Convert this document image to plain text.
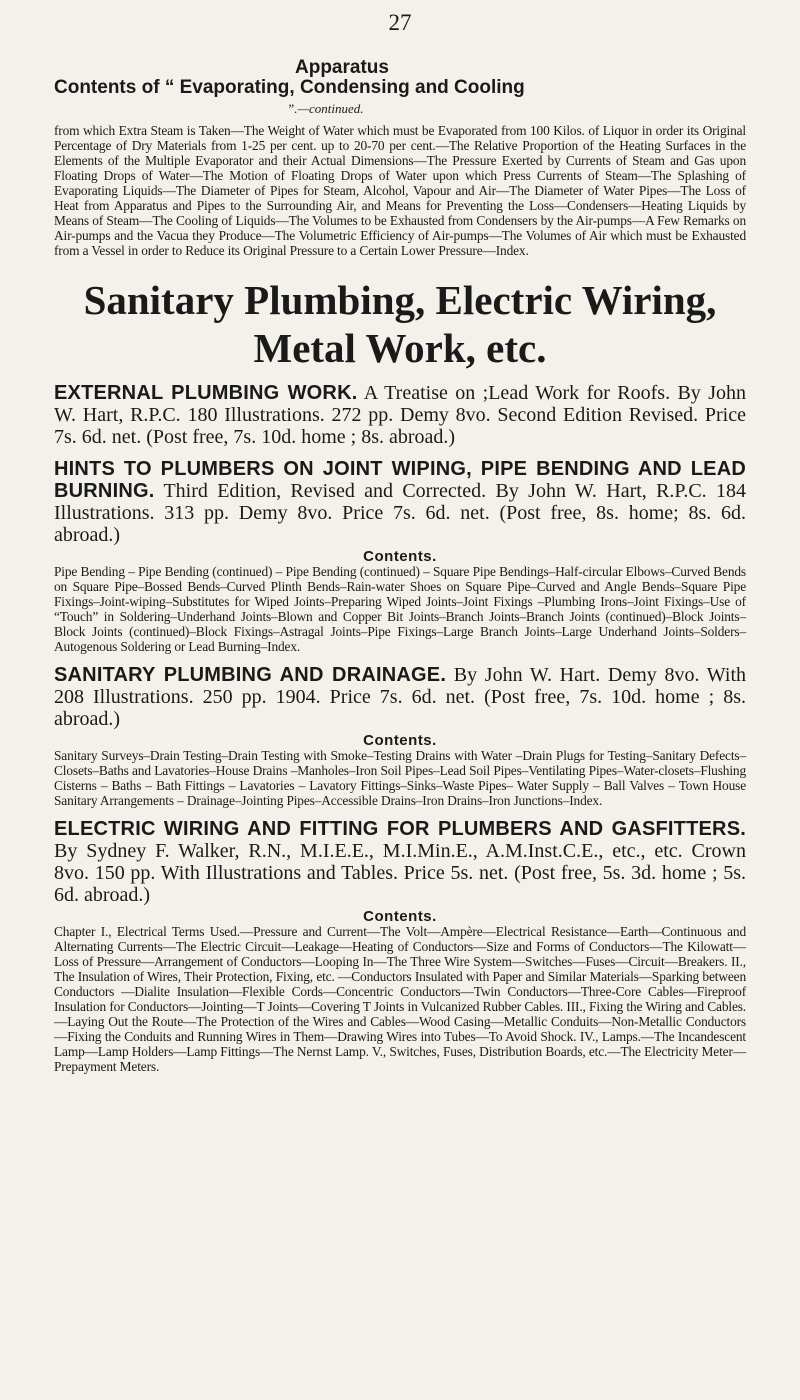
27
Apparatus
Contents of “ Evaporating, Condensing and Cooling
”.—continued.
from which Extra Steam is Taken—The Weight of Water which must be Evaporated from 100 Kilos. of Liquor in order its Original Percentage of Dry Materials from 1-25 per cent. up to 20-70 per cent.—The Relative Proportion of the Heating Surfaces in the Elements of the Multiple Evaporator and their Actual Dimensions—The Pressure Exerted by Currents of Steam and Gas upon Floating Drops of Water—The Motion of Floating Drops of Water upon which Press Currents of Steam—The Splashing of Evaporating Liquids—The Diameter of Pipes for Steam, Alcohol, Vapour and Air—The Diameter of Water Pipes—The Loss of Heat from Apparatus and Pipes to the Surrounding Air, and Means for Preventing the Loss—Condensers—Heating Liquids by Means of Steam—The Cooling of Liquids—The Volumes to be Exhausted from Condensers by the Air-pumps—A Few Remarks on Air-pumps and the Vacua they Produce—The Volumetric Efficiency of Air-pumps—The Volumes of Air which must be Exhausted from a Vessel in order to Reduce its Original Pressure to a Certain Lower Pressure—Index.
Sanitary Plumbing, Electric Wiring, Metal Work, etc.
EXTERNAL PLUMBING WORK. A Treatise on ;Lead Work for Roofs. By John W. Hart, R.P.C. 180 Illustrations. 272 pp. Demy 8vo. Second Edition Revised. Price 7s. 6d. net. (Post free, 7s. 10d. home ; 8s. abroad.)
HINTS TO PLUMBERS ON JOINT WIPING, PIPE BENDING AND LEAD BURNING. Third Edition, Revised and Corrected. By John W. Hart, R.P.C. 184 Illustrations. 313 pp. Demy 8vo. Price 7s. 6d. net. (Post free, 8s. home; 8s. 6d. abroad.)
Contents.
Pipe Bending – Pipe Bending (continued) – Pipe Bending (continued) – Square Pipe Bendings–Half-circular Elbows–Curved Bends on Square Pipe–Bossed Bends–Curved Plinth Bends–Rain-water Shoes on Square Pipe–Curved and Angle Bends–Square Pipe Fixings–Joint-wiping–Substitutes for Wiped Joints–Preparing Wiped Joints–Joint Fixings –Plumbing Irons–Joint Fixings–Use of “Touch” in Soldering–Underhand Joints–Blown and Copper Bit Joints–Branch Joints–Branch Joints (continued)–Block Joints–Block Joints (continued)–Block Fixings–Astragal Joints–Pipe Fixings–Large Branch Joints–Large Underhand Joints–Solders–Autogenous Soldering or Lead Burning–Index.
SANITARY PLUMBING AND DRAINAGE. By John W. Hart. Demy 8vo. With 208 Illustrations. 250 pp. 1904. Price 7s. 6d. net. (Post free, 7s. 10d. home ; 8s. abroad.)
Contents.
Sanitary Surveys–Drain Testing–Drain Testing with Smoke–Testing Drains with Water –Drain Plugs for Testing–Sanitary Defects–Closets–Baths and Lavatories–House Drains –Manholes–Iron Soil Pipes–Lead Soil Pipes–Ventilating Pipes–Water-closets–Flushing Cisterns – Baths – Bath Fittings – Lavatories – Lavatory Fittings–Sinks–Waste Pipes– Water Supply – Ball Valves – Town House Sanitary Arrangements – Drainage–Jointing Pipes–Accessible Drains–Iron Drains–Iron Junctions–Index.
ELECTRIC WIRING AND FITTING FOR PLUMBERS AND GASFITTERS. By Sydney F. Walker, R.N., M.I.E.E., M.I.Min.E., A.M.Inst.C.E., etc., etc. Crown 8vo. 150 pp. With Illustrations and Tables. Price 5s. net. (Post free, 5s. 3d. home ; 5s. 6d. abroad.)
Contents.
Chapter I., Electrical Terms Used.—Pressure and Current—The Volt—Ampère—Electrical Resistance—Earth—Continuous and Alternating Currents—The Electric Circuit—Leakage—Heating of Conductors—Size and Forms of Conductors—The Kilowatt—Loss of Pressure—Arrangement of Conductors—Looping In—The Three Wire System—Switches—Fuses—Circuit—Breakers. II., The Insulation of Wires, Their Protection, Fixing, etc. —Conductors Insulated with Paper and Similar Materials—Sparking between Conductors —Dialite Insulation—Flexible Cords—Concentric Conductors—Twin Conductors—Three-Core Cables—Fireproof Insulation for Conductors—Jointing—T Joints—Covering T Joints in Vulcanized Rubber Cables. III., Fixing the Wiring and Cables.—Laying Out the Route—The Protection of the Wires and Cables—Wood Casing—Metallic Conduits—Non-Metallic Conductors—Fixing the Conduits and Running Wires in Them—Drawing Wires into Tubes—To Avoid Shock. IV., Lamps.—The Incandescent Lamp—Lamp Holders—Lamp Fittings—The Nernst Lamp. V., Switches, Fuses, Distribution Boards, etc.—The Electricity Meter—Prepayment Meters.
